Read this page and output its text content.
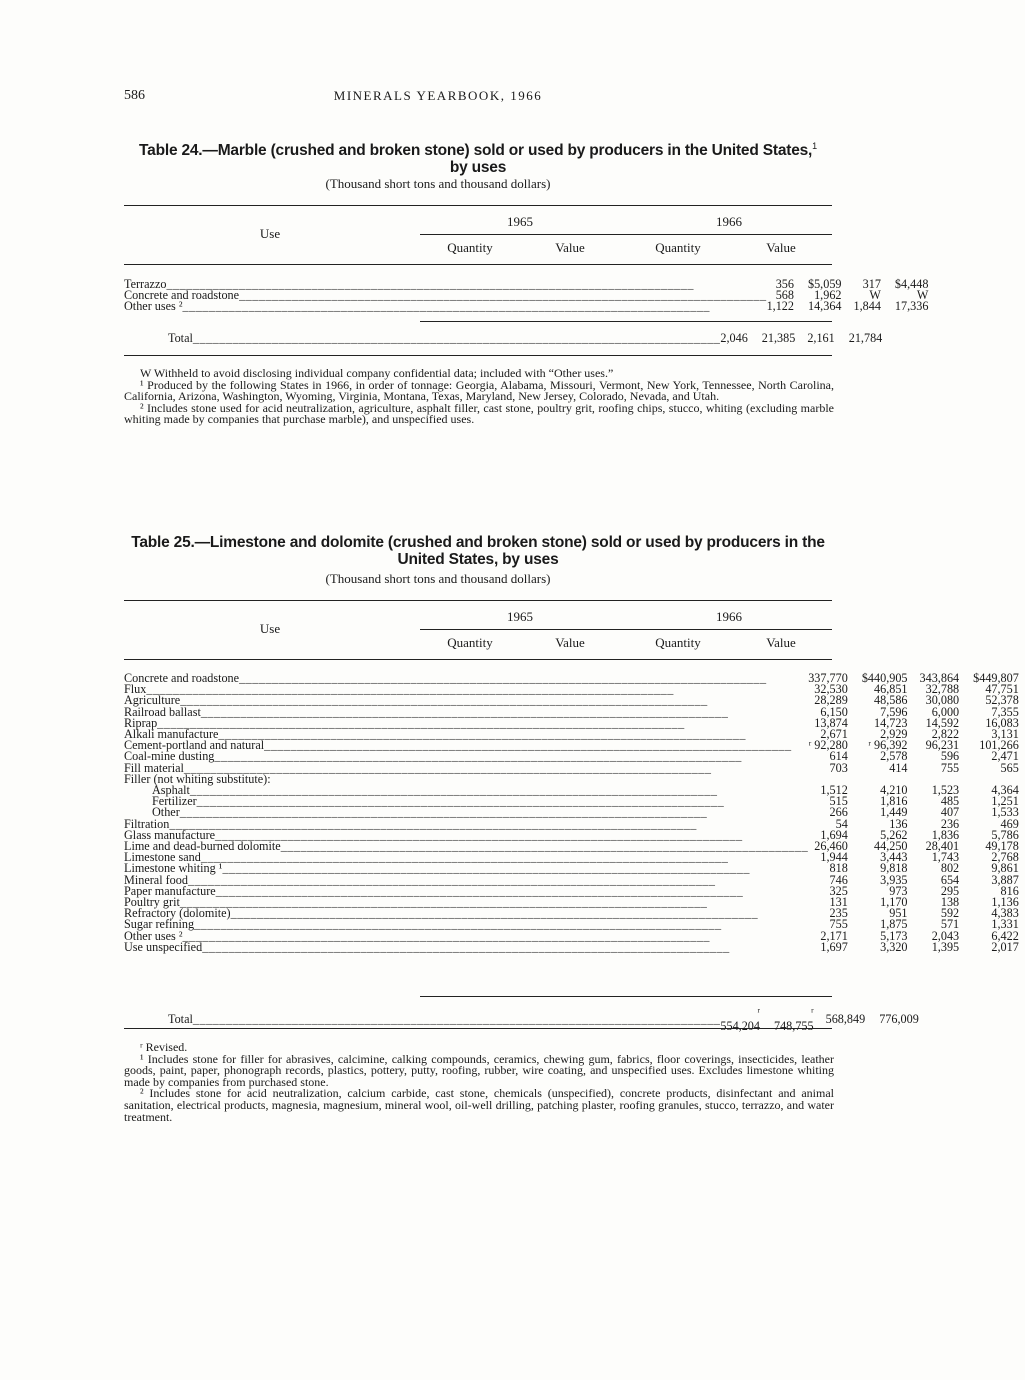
586	MINERALS YEARBOOK, 1966
Table 24.—Marble (crushed and broken stone) sold or used by producers in the United States,$^1$
by uses
(Thousand short tons and thousand dollars)
Use
1965	1966
Quantity	Value	Quantity	Value
Terrazzo________________________________________________________________________________	356	$5,059	317	$4,448
Concrete and roadstone________________________________________________________________________________	568	1,962	W	W
Other uses ²________________________________________________________________________________	1,122	14,364	1,844	17,336
Total________________________________________________________________________________	2,046	21,385	2,161	21,784

W Withheld to avoid disclosing individual company confidential data; included with “Other uses.”

¹ Produced by the following States in 1966, in order of tonnage: Georgia, Alabama, Missouri, Vermont, New York, Tennessee, North Carolina, California, Arizona, Washington, Wyoming, Virginia, Montana, Texas, Maryland, New Jersey, Colorado, Nevada, and Utah.

² Includes stone used for acid neutralization, agriculture, asphalt filler, cast stone, poultry grit, roofing chips, stucco, whiting (excluding marble whiting made by companies that purchase marble), and unspecified uses.

Table 25.—Limestone and dolomite (crushed and broken stone) sold or used by producers in the
United States, by uses
(Thousand short tons and thousand dollars)
Use
1965	1966
Quantity	Value	Quantity	Value
Concrete and roadstone________________________________________________________________________________	337,770	$440,905	343,864	$449,807
Flux________________________________________________________________________________	32,530	46,851	32,788	47,751
Agriculture________________________________________________________________________________	28,289	48,586	30,080	52,378
Railroad ballast________________________________________________________________________________	6,150	7,596	6,000	7,355
Riprap________________________________________________________________________________	13,874	14,723	14,592	16,083
Alkali manufacture________________________________________________________________________________	2,671	2,929	2,822	3,131
Cement-portland and natural________________________________________________________________________________	ʳ 92,280	ʳ 96,392	96,231	101,266
Coal-mine dusting________________________________________________________________________________	614	2,578	596	2,471
Fill material________________________________________________________________________________	703	414	755	565
Filler (not whiting substitute):				
Asphalt________________________________________________________________________________	1,512	4,210	1,523	4,364
Fertilizer________________________________________________________________________________	515	1,816	485	1,251
Other________________________________________________________________________________	266	1,449	407	1,533
Filtration________________________________________________________________________________	54	136	236	469
Glass manufacture________________________________________________________________________________	1,694	5,262	1,836	5,786
Lime and dead-burned dolomite________________________________________________________________________________	26,460	44,250	28,401	49,178
Limestone sand________________________________________________________________________________	1,944	3,443	1,743	2,768
Limestone whiting ¹________________________________________________________________________________	818	9,818	802	9,861
Mineral food________________________________________________________________________________	746	3,935	654	3,887
Paper manufacture________________________________________________________________________________	325	973	295	816
Poultry grit________________________________________________________________________________	131	1,170	138	1,136
Refractory (dolomite)________________________________________________________________________________	235	951	592	4,383
Sugar refining________________________________________________________________________________	755	1,875	571	1,331
Other uses ²________________________________________________________________________________	2,171	5,173	2,043	6,422
Use unspecified________________________________________________________________________________	1,697	3,320	1,395	2,017
Total________________________________________________________________________________	ʳ 554,204	ʳ 748,755	568,849	776,009

ʳ Revised.

¹ Includes stone for filler for abrasives, calcimine, calking compounds, ceramics, chewing gum, fabrics, floor coverings, insecticides, leather goods, paint, paper, phonograph records, plastics, pottery, putty, roofing, rubber, wire coating, and unspecified uses. Excludes limestone whiting made by companies from purchased stone.

² Includes stone for acid neutralization, calcium carbide, cast stone, chemicals (unspecified), concrete products, disinfectant and animal sanitation, electrical products, magnesia, magnesium, mineral wool, oil-well drilling, patching plaster, roofing granules, stucco, terrazzo, and water treatment.
